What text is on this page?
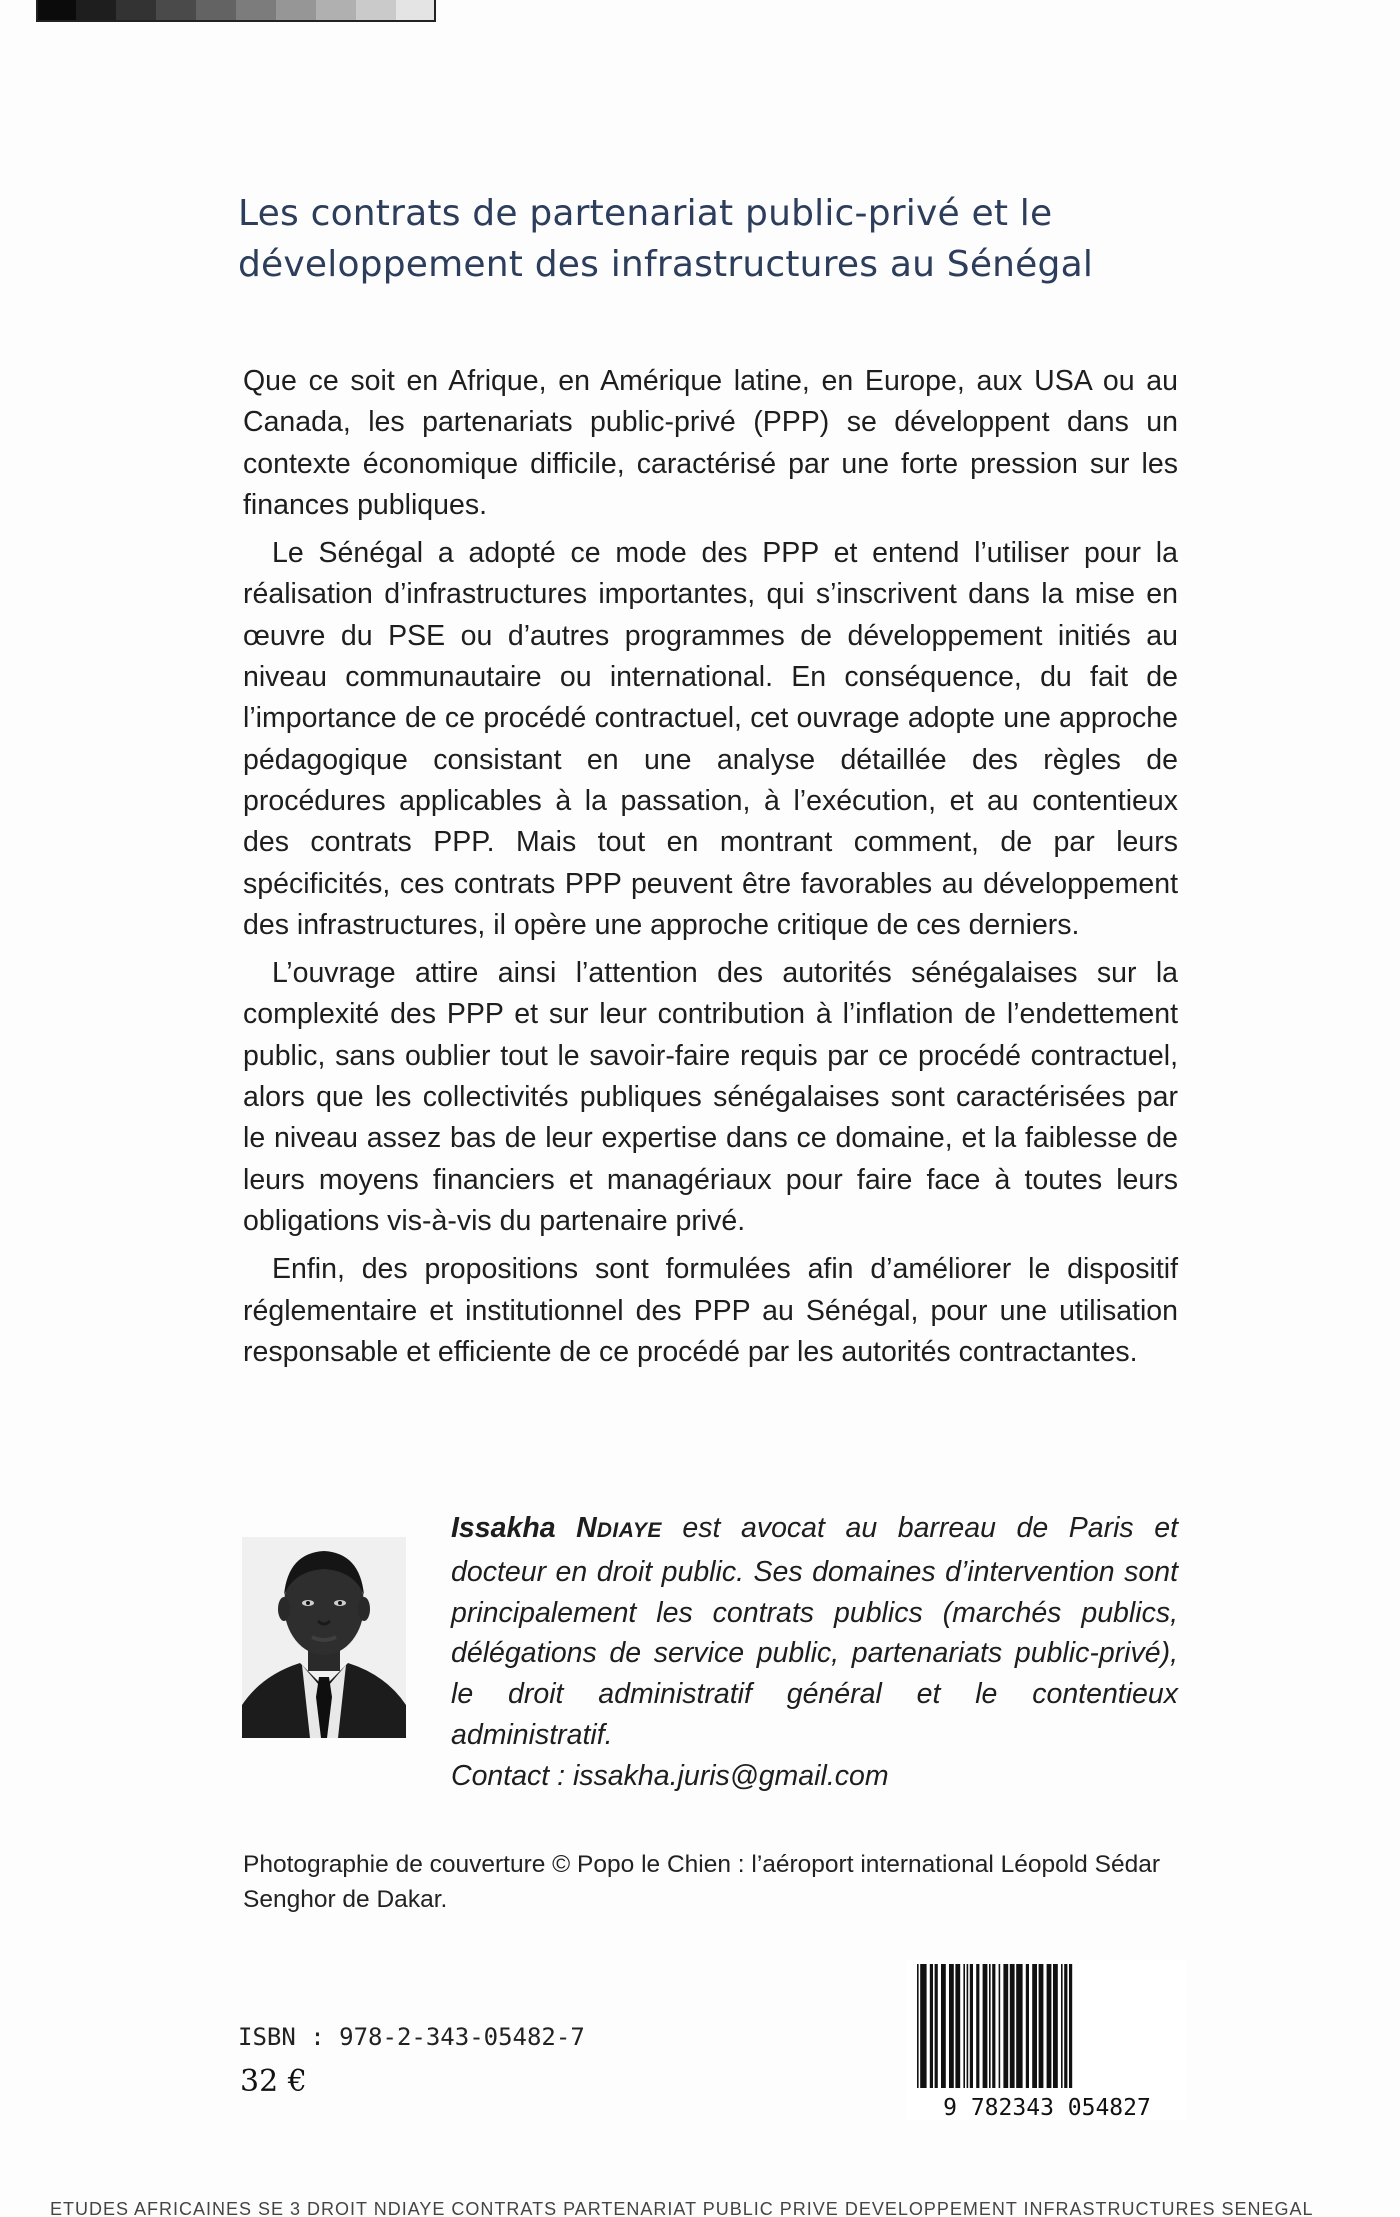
Les contrats de partenariat public-privé et le
développement des infrastructures au Sénégal

Que ce soit en Afrique, en Amérique latine, en Europe, aux USA ou au Canada, les partenariats public-privé (PPP) se développent dans un contexte économique difficile, caractérisé par une forte pression sur les finances publiques.

Le Sénégal a adopté ce mode des PPP et entend l’utiliser pour la réalisation d’infrastructures importantes, qui s’inscrivent dans la mise en œuvre du PSE ou d’autres programmes de développement initiés au niveau communautaire ou international. En conséquence, du fait de l’importance de ce procédé contractuel, cet ouvrage adopte une approche pédagogique consistant en une analyse détaillée des règles de procédures applicables à la passation, à l’exécution, et au contentieux des contrats PPP. Mais tout en montrant comment, de par leurs spécificités, ces contrats PPP peuvent être favorables au développement des infrastructures, il opère une approche critique de ces derniers.

L’ouvrage attire ainsi l’attention des autorités sénégalaises sur la complexité des PPP et sur leur contribution à l’inflation de l’endettement public, sans oublier tout le savoir-faire requis par ce procédé contractuel, alors que les collectivités publiques sénégalaises sont caractérisées par le niveau assez bas de leur expertise dans ce domaine, et la faiblesse de leurs moyens financiers et managériaux pour faire face à toutes leurs obligations vis-à-vis du partenaire privé.

Enfin, des propositions sont formulées afin d’améliorer le dispositif réglementaire et institutionnel des PPP au Sénégal, pour une utilisation responsable et efficiente de ce procédé par les autorités contractantes.

Issakha NDIAYE est avocat au barreau de Paris et docteur en droit public. Ses domaines d’intervention sont principalement les contrats publics (marchés publics, délégations de service public, partenariats public-privé), le droit administratif général et le contentieux administratif.
Contact : issakha.juris@gmail.com
Photographie de couverture © Popo le Chien : l’aéroport international Léopold Sédar Senghor de Dakar.
ISBN : 978-2-343-05482-7
32 €
9 782343 054827
ETUDES AFRICAINES SE 3 DROIT NDIAYE CONTRATS PARTENARIAT PUBLIC PRIVE DEVELOPPEMENT INFRASTRUCTURES SENEGAL
